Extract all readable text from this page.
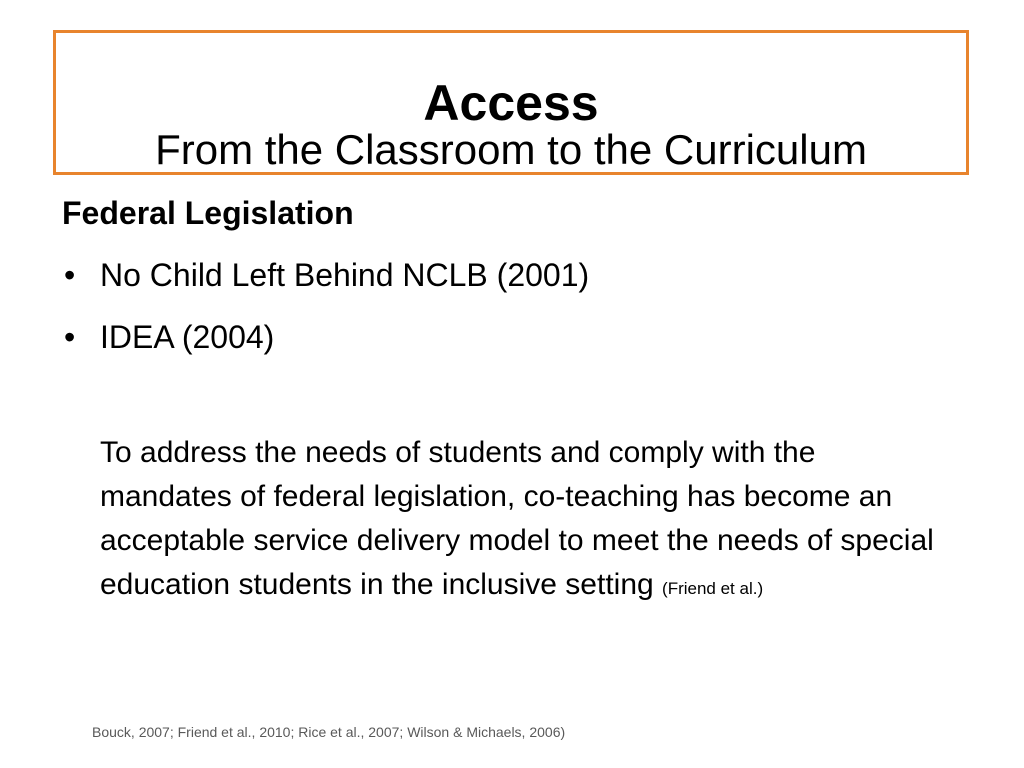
Access
From the Classroom to the Curriculum

Federal Legislation

• No Child Left Behind NCLB (2001)
• IDEA (2004)

To address the needs of students and comply with the mandates of federal legislation, co-teaching has become an acceptable service delivery model to meet the needs of special education students in the inclusive setting (Friend et al.)

Bouck, 2007; Friend et al., 2010; Rice et al., 2007; Wilson & Michaels, 2006)
